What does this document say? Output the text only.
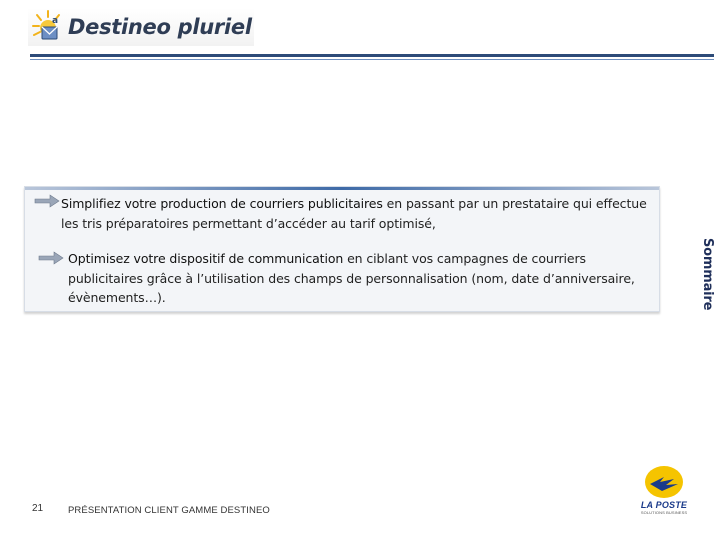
a Destineo pluriel
Simplifiez votre production de courriers publicitaires en passant par un prestataire qui effectue les tris préparatoires permettant d’accéder au tarif optimisé,
Optimisez votre dispositif de communication en ciblant vos campagnes de courriers publicitaires grâce à l’utilisation des champs de personnalisation (nom, date d’anniversaire, évènements…).	Sommaire
21	PRÉSENTATION CLIENT GAMME DESTINEO	LA POSTE
SOLUTIONS BUSINESS
